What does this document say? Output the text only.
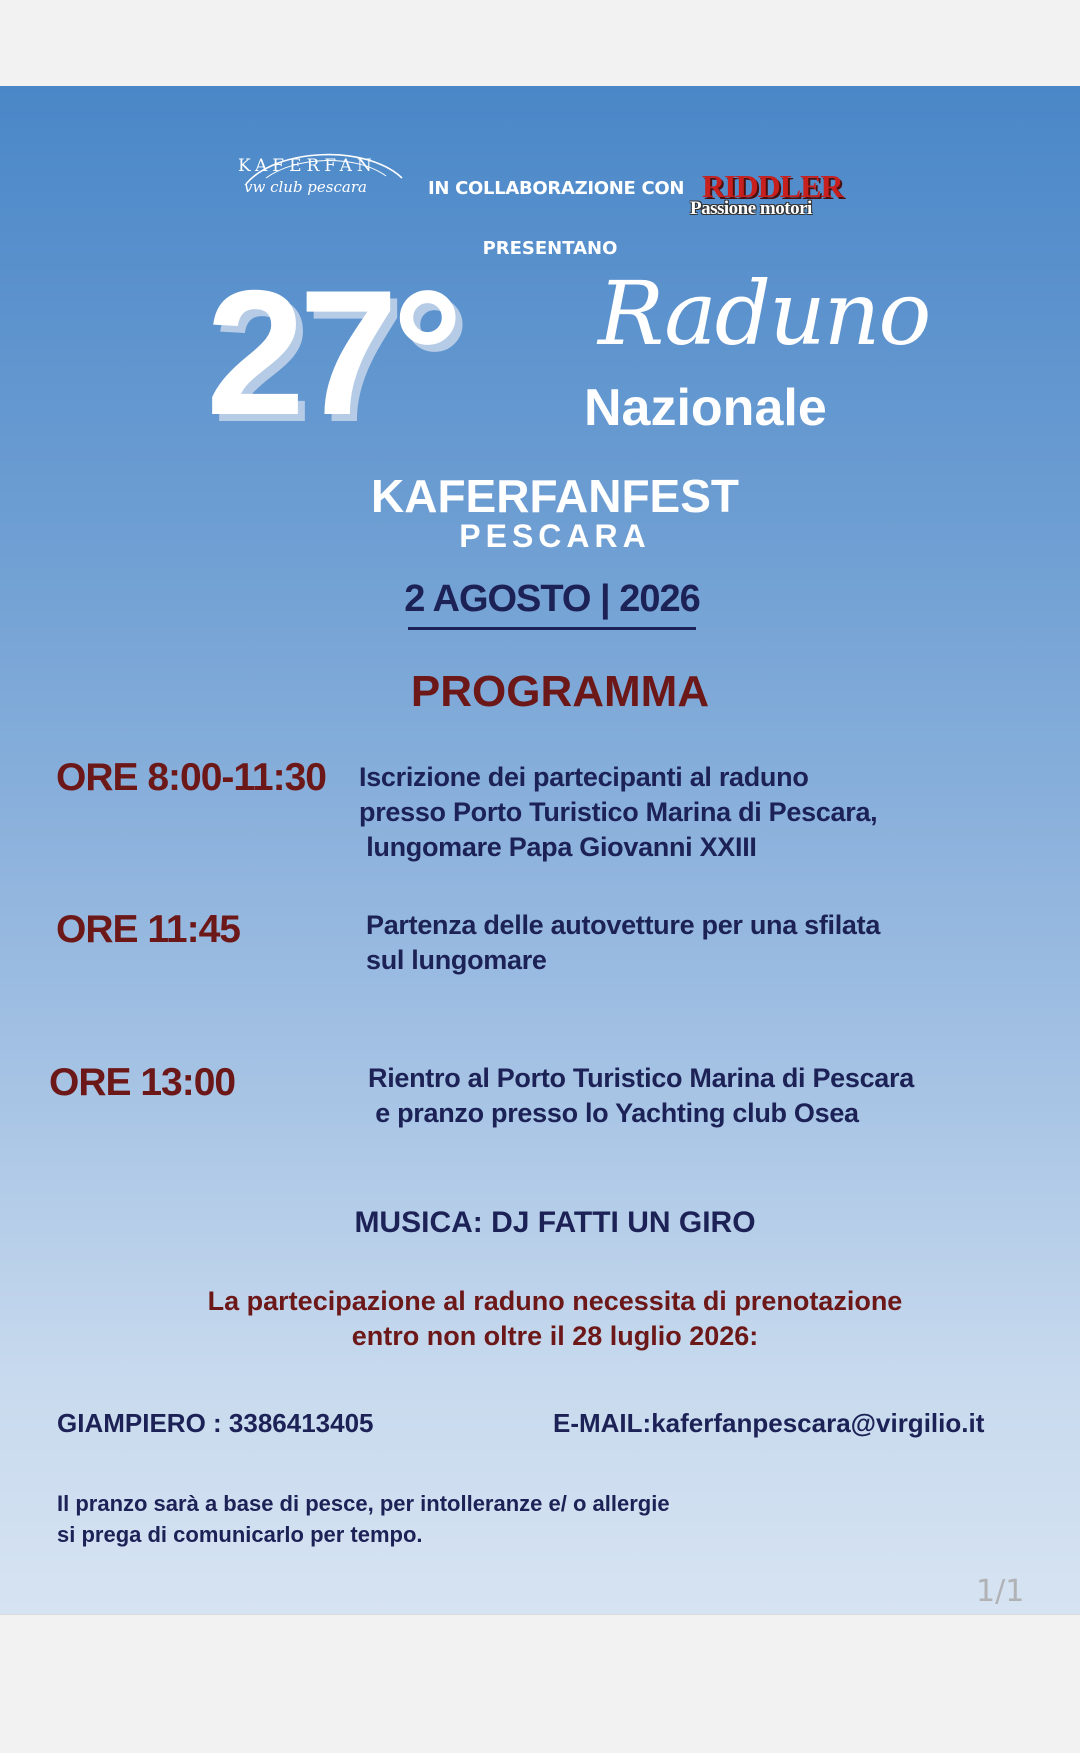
KAFERFAN
vw club pescara	IN COLLABORAZIONE CON RIDDLER
Passione motori
PRESENTANO
27° Raduno
Nazionale
KAFERFANFEST
PESCARA
2 AGOSTO | 2026
PROGRAMMA
ORE 8:00-11:30 Iscrizione dei partecipanti al raduno
presso Porto Turistico Marina di Pescara,
lungomare Papa Giovanni XXIII
ORE 11:45	Partenza delle autovetture per una sfilata
sul lungomare
ORE 13:00	Rientro al Porto Turistico Marina di Pescara
e pranzo presso lo Yachting club Osea
MUSICA: DJ FATTI UN GIRO
La partecipazione al raduno necessita di prenotazione
entro non oltre il 28 luglio 2026:
GIAMPIERO : 3386413405	E-MAIL:kaferfanpescara@virgilio.it
Il pranzo sarà a base di pesce, per intolleranze e/ o allergie
si prega di comunicarlo per tempo.
1/1
